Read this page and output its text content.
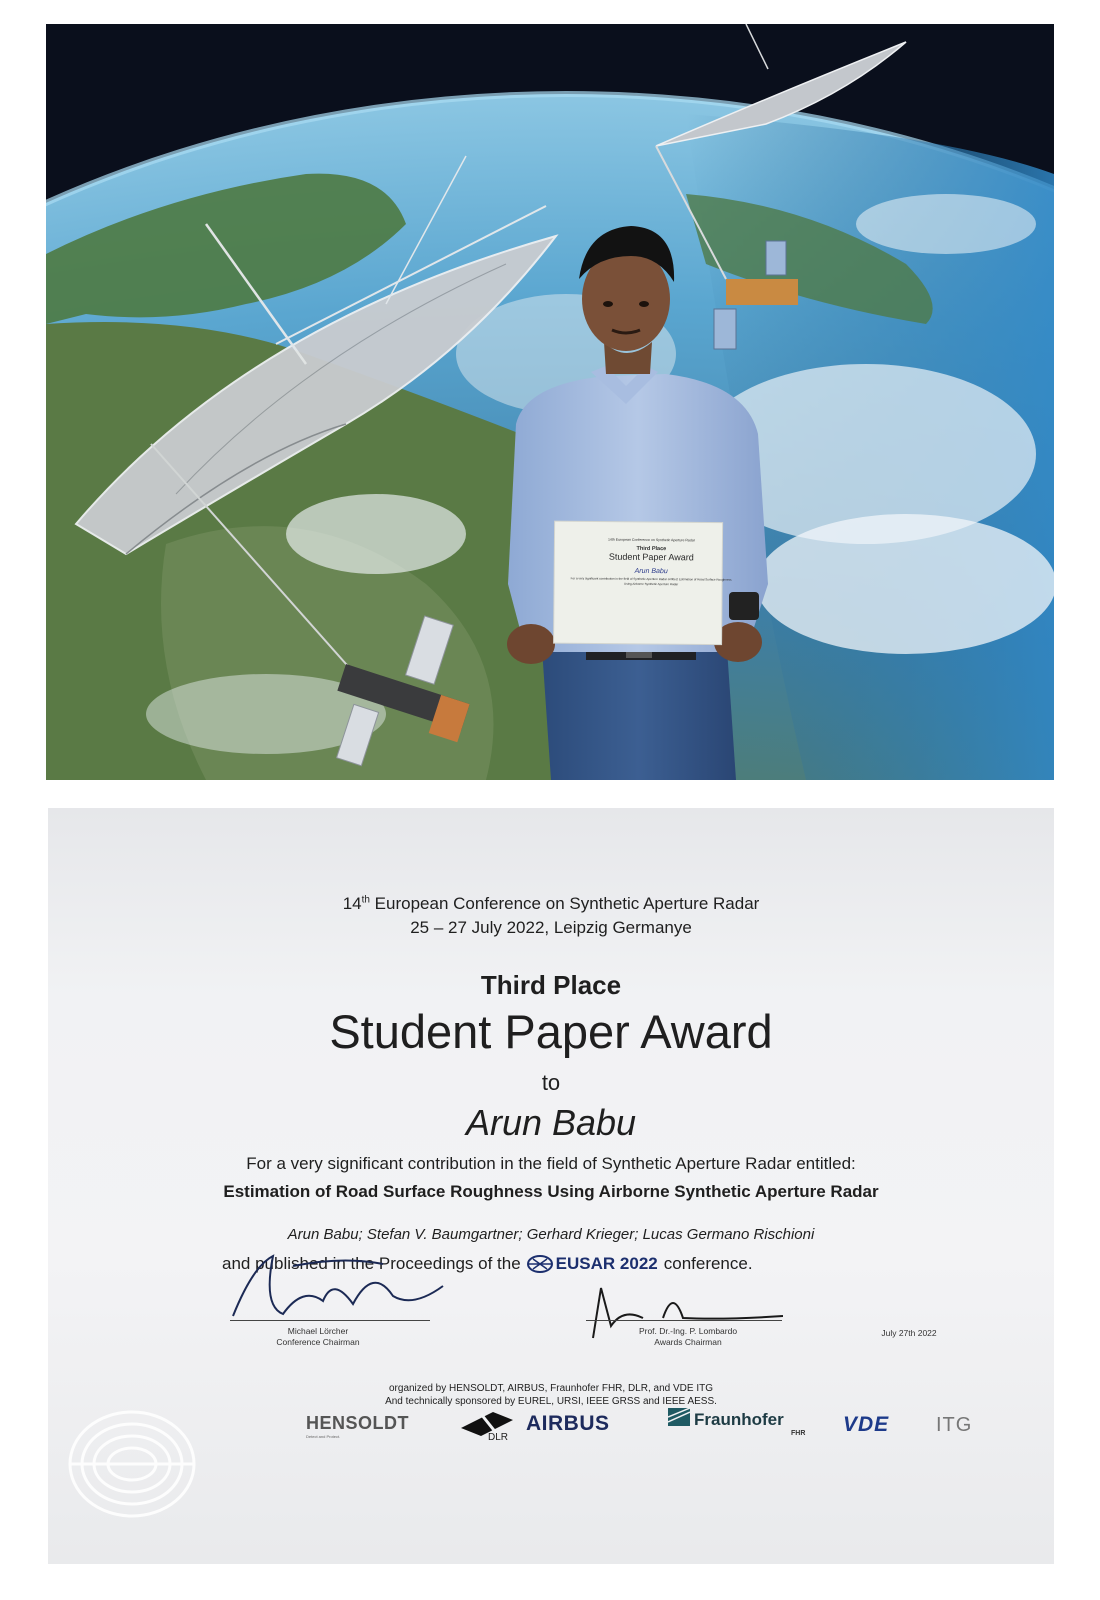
14th European Conference on Synthetic Aperture Radar
Third Place
Student Paper Award

Arun Babu
For a very significant contribution in the field of Synthetic Aperture Radar entitled: Estimation of Road Surface Roughness Using Airborne Synthetic Aperture Radar
14th European Conference on Synthetic Aperture Radar
25 – 27 July 2022, Leipzig Germanye
Third Place
Student Paper Award
to
Arun Babu
For a very significant contribution in the field of Synthetic Aperture Radar entitled:
Estimation of Road Surface Roughness Using Airborne Synthetic Aperture Radar
Arun Babu; Stefan V. Baumgartner; Gerhard Krieger; Lucas Germano Rischioni
and published in the Proceedings of the EUSAR 2022 conference.
Michael Lörcher
Conference Chairman
Prof. Dr.-Ing. P. Lombardo
Awards Chairman
July 27th 2022
organized by HENSOLDT, AIRBUS, Fraunhofer FHR, DLR, and VDE ITG
And technically sponsored by EUREL, URSI, IEEE GRSS and IEEE AESS.
HENSOLDT
Detect and Protect.	DLR
AIRBUS	Fraunhofer
FHR VDE ITG
